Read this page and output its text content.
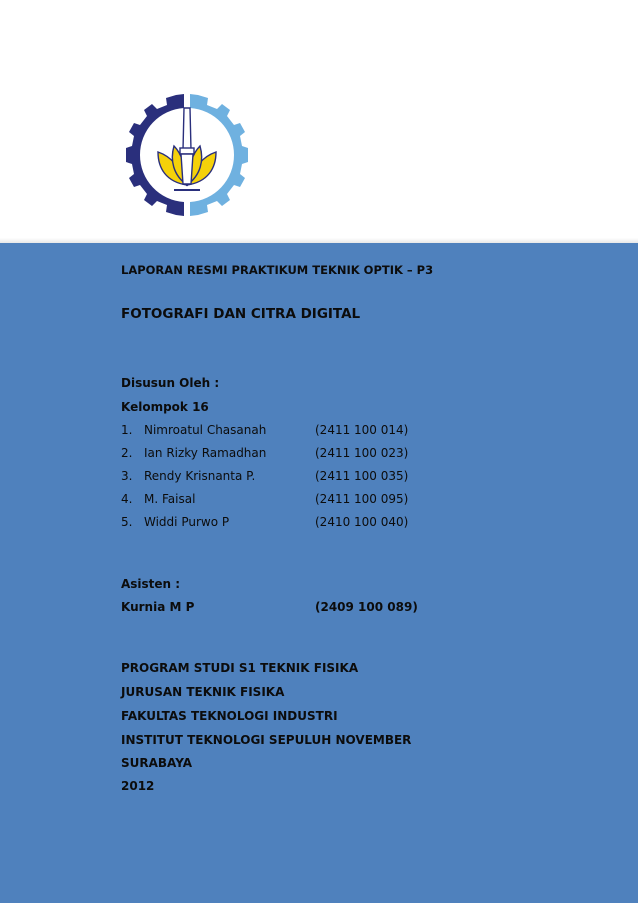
LAPORAN RESMI PRAKTIKUM TEKNIK OPTIK – P3
FOTOGRAFI DAN CITRA DIGITAL
Disusun Oleh :
Kelompok 16
1. Nimroatul Chasanah	(2411 100 014)
2. Ian Rizky Ramadhan	(2411 100 023)
3. Rendy Krisnanta P.	(2411 100 035)
4. M. Faisal	(2411 100 095)
5. Widdi Purwo P	(2410 100 040)
Asisten :
Kurnia M P	(2409 100 089)
PROGRAM STUDI S1 TEKNIK FISIKA
JURUSAN TEKNIK FISIKA
FAKULTAS TEKNOLOGI INDUSTRI
INSTITUT TEKNOLOGI SEPULUH NOVEMBER
SURABAYA
2012
